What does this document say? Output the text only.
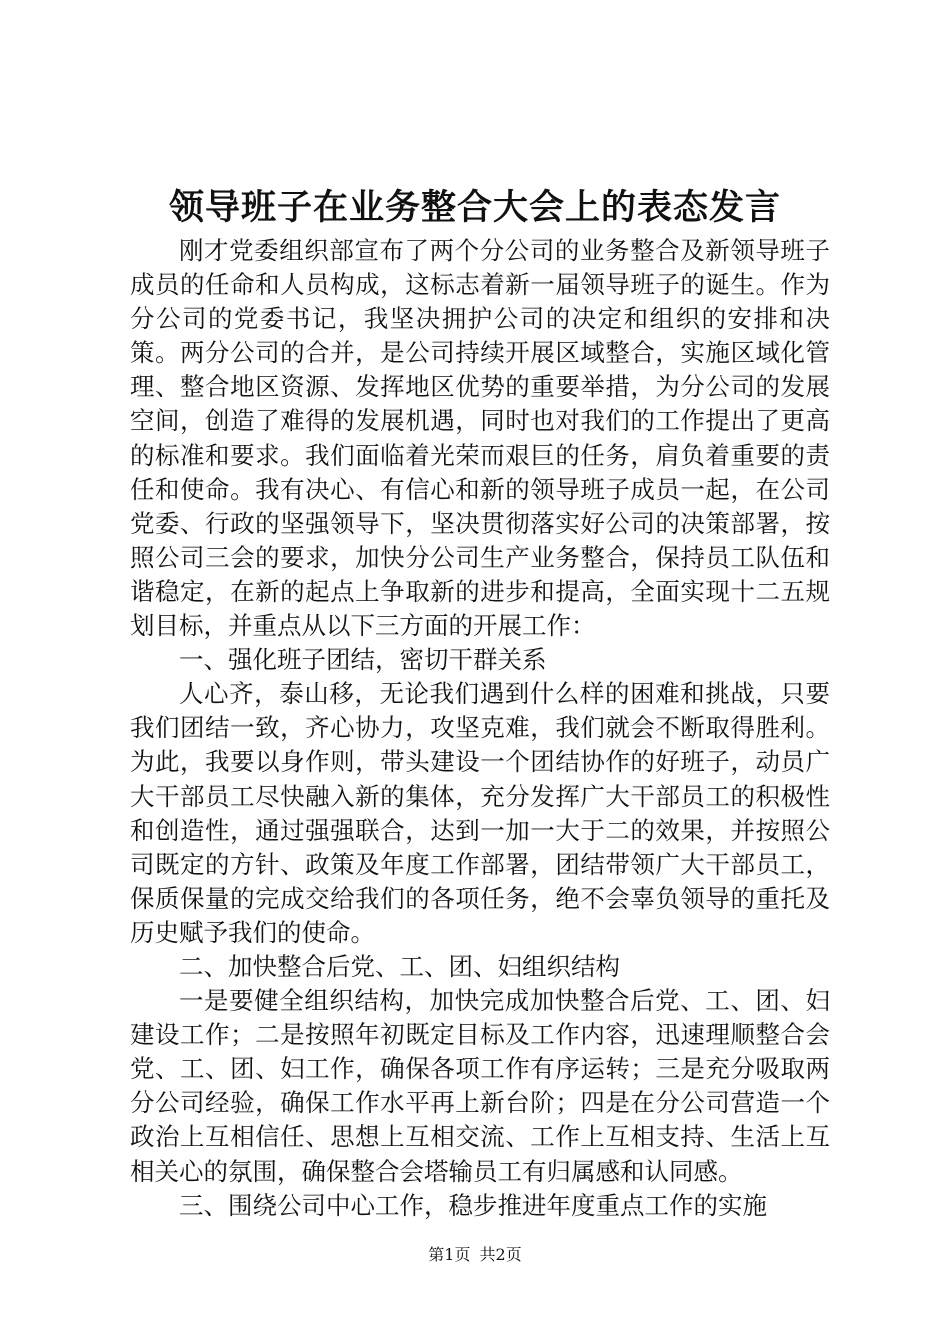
领导班子在业务整合大会上的表态发言

刚才党委组织部宣布了两个分公司的业务整合及新领导班子成员的任命和人员构成，这标志着新一届领导班子的诞生。作为分公司的党委书记，我坚决拥护公司的决定和组织的安排和决策。两分公司的合并，是公司持续开展区域整合，实施区域化管理、整合地区资源、发挥地区优势的重要举措，为分公司的发展空间，创造了难得的发展机遇，同时也对我们的工作提出了更高的标准和要求。我们面临着光荣而艰巨的任务，肩负着重要的责任和使命。我有决心、有信心和新的领导班子成员一起，在公司党委、行政的坚强领导下，坚决贯彻落实好公司的决策部署，按照公司三会的要求，加快分公司生产业务整合，保持员工队伍和谐稳定，在新的起点上争取新的进步和提高，全面实现十二五规划目标，并重点从以下三方面的开展工作：

一、强化班子团结，密切干群关系

人心齐，泰山移，无论我们遇到什么样的困难和挑战，只要我们团结一致，齐心协力，攻坚克难，我们就会不断取得胜利。为此，我要以身作则，带头建设一个团结协作的好班子，动员广大干部员工尽快融入新的集体，充分发挥广大干部员工的积极性和创造性，通过强强联合，达到一加一大于二的效果，并按照公司既定的方针、政策及年度工作部署，团结带领广大干部员工，保质保量的完成交给我们的各项任务，绝不会辜负领导的重托及历史赋予我们的使命。

二、加快整合后党、工、团、妇组织结构

一是要健全组织结构，加快完成加快整合后党、工、团、妇建设工作；二是按照年初既定目标及工作内容，迅速理顺整合会党、工、团、妇工作，确保各项工作有序运转；三是充分吸取两分公司经验，确保工作水平再上新台阶；四是在分公司营造一个政治上互相信任、思想上互相交流、工作上互相支持、生活上互相关心的氛围，确保整合会塔输员工有归属感和认同感。

三、围绕公司中心工作，稳步推进年度重点工作的实施

第1页 共2页
